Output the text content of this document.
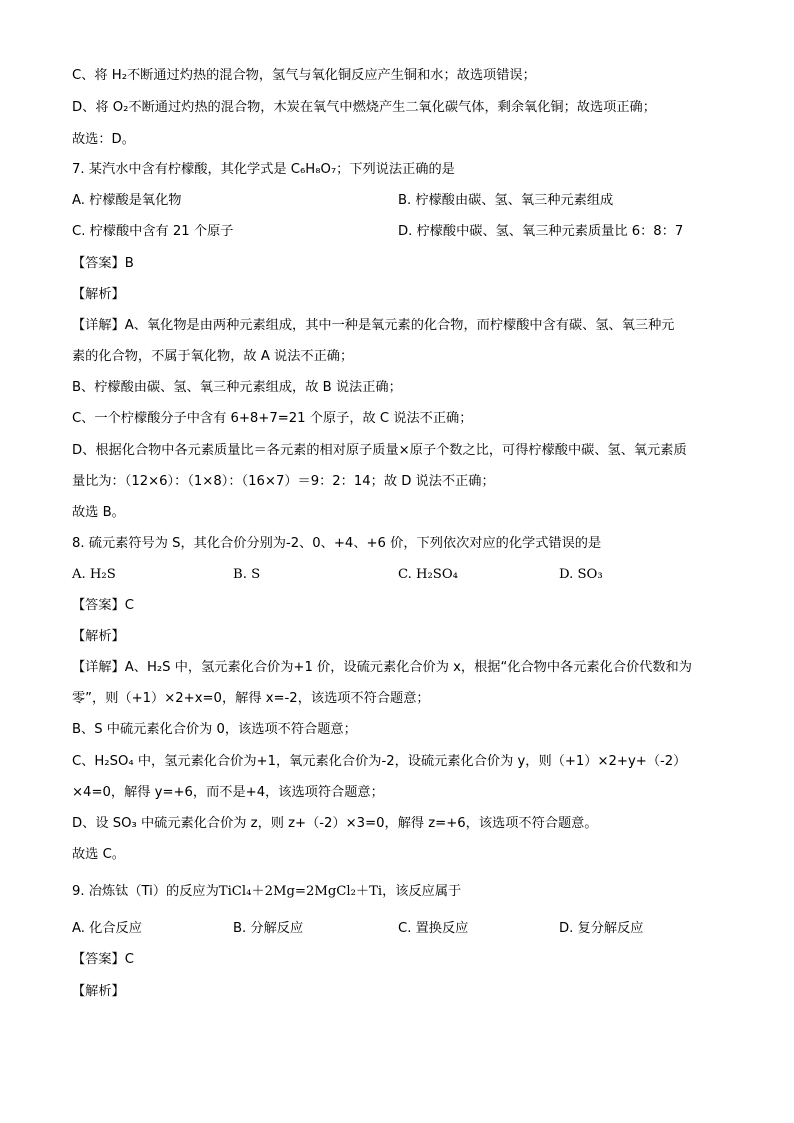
C、将 H₂不断通过灼热的混合物，氢气与氧化铜反应产生铜和水；故选项错误；
D、将 O₂不断通过灼热的混合物，木炭在氧气中燃烧产生二氧化碳气体，剩余氧化铜；故选项正确；
故选：D。
7. 某汽水中含有柠檬酸，其化学式是 C₆H₈O₇；下列说法正确的是
A. 柠檬酸是氧化物	B. 柠檬酸由碳、氢、氧三种元素组成
C. 柠檬酸中含有 21 个原子	D. 柠檬酸中碳、氢、氧三种元素质量比 6：8：7
【答案】B
【解析】
【详解】A、氧化物是由两种元素组成，其中一种是氧元素的化合物，而柠檬酸中含有碳、氢、氧三种元
素的化合物，不属于氧化物，故 A 说法不正确；
B、柠檬酸由碳、氢、氧三种元素组成，故 B 说法正确；
C、一个柠檬酸分子中含有 6+8+7=21 个原子，故 C 说法不正确；
D、根据化合物中各元素质量比＝各元素的相对原子质量×原子个数之比，可得柠檬酸中碳、氢、氧元素质
量比为：（12×6）：（1×8）：（16×7）＝9：2：14；故 D 说法不正确；
故选 B。
8. 硫元素符号为 S，其化合价分别为-2、0、+4、+6 价，下列依次对应的化学式错误的是
A. H₂S	B. S	C. H₂SO₄	D. SO₃
【答案】C
【解析】
【详解】A、H₂S 中，氢元素化合价为+1 价，设硫元素化合价为 x，根据“化合物中各元素化合价代数和为
零”，则（+1）×2+x=0，解得 x=-2，该选项不符合题意；
B、S 中硫元素化合价为 0，该选项不符合题意；
C、H₂SO₄ 中，氢元素化合价为+1，氧元素化合价为-2，设硫元素化合价为 y，则（+1）×2+y+（-2）
×4=0，解得 y=+6，而不是+4，该选项符合题意；
D、设 SO₃ 中硫元素化合价为 z，则 z+（-2）×3=0，解得 z=+6，该选项不符合题意。
故选 C。
9. 冶炼钛（Ti）的反应为TiCl₄＋2Mg=2MgCl₂＋Ti，该反应属于
A. 化合反应	B. 分解反应	C. 置换反应	D. 复分解反应
【答案】C
【解析】
